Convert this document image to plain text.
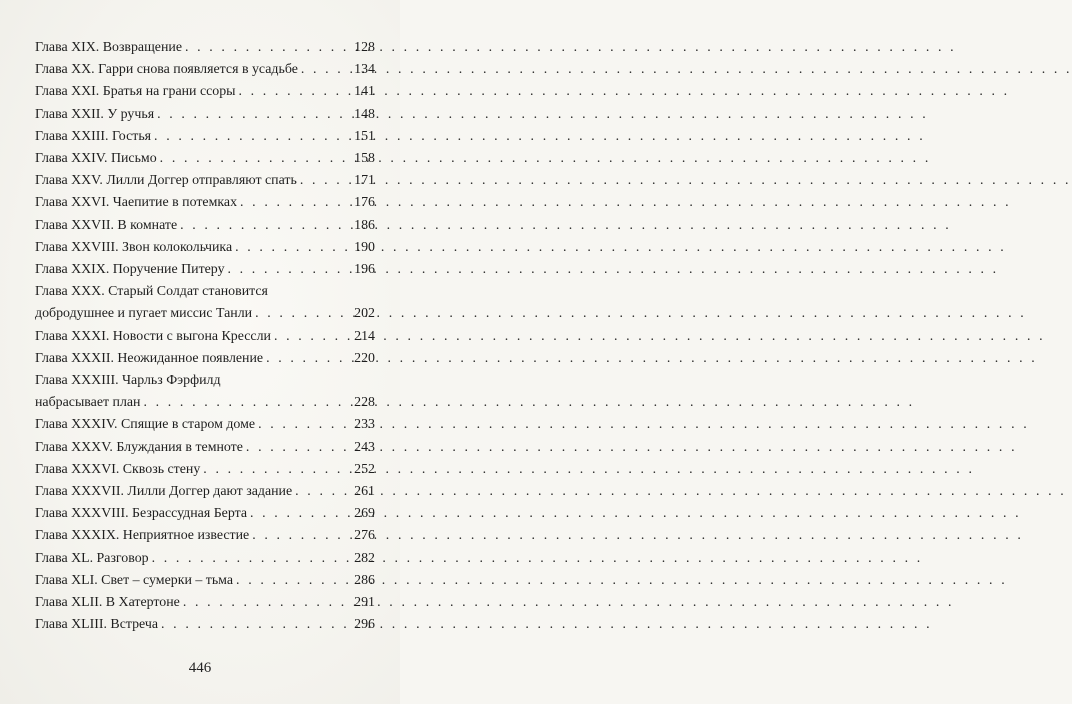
Глава XIX. Возвращение . . .	128
Глава XX. Гарри снова появляется в усадьбе . . .	134
Глава XXI. Братья на грани ссоры . . .	141
Глава XXII. У ручья . . .	148
Глава XXIII. Гостья . . .	151
Глава XXIV. Письмо . . .	158
Глава XXV. Лилли Доггер отправляют спать . . .	171
Глава XXVI. Чаепитие в потемках . . .	176
Глава XXVII. В комнате . . .	186
Глава XXVIII. Звон колокольчика . . .	190
Глава XXIX. Поручение Питеру . . .	196
Глава XXX. Старый Солдат становится
добродушнее и пугает миссис Танли . . .	202
Глава XXXI. Новости с выгона Крессли . . .	214
Глава XXXII. Неожиданное появление . . .	220
Глава XXXIII. Чарльз Фэрфилд
набрасывает план . . .	228
Глава XXXIV. Спящие в старом доме . . .	233
Глава XXXV. Блуждания в темноте . . .	243
Глава XXXVI. Сквозь стену . . .	252
Глава XXXVII. Лилли Доггер дают задание . . .	261
Глава XXXVIII. Безрассудная Берта . . .	269
Глава XXXIX. Неприятное известие . . .	276
Глава XL. Разговор . . .	282
Глава XLI. Свет – сумерки – тьма . . .	286
Глава XLII. В Хатертоне . . .	291
Глава XLIII. Встреча . . .	296
446
